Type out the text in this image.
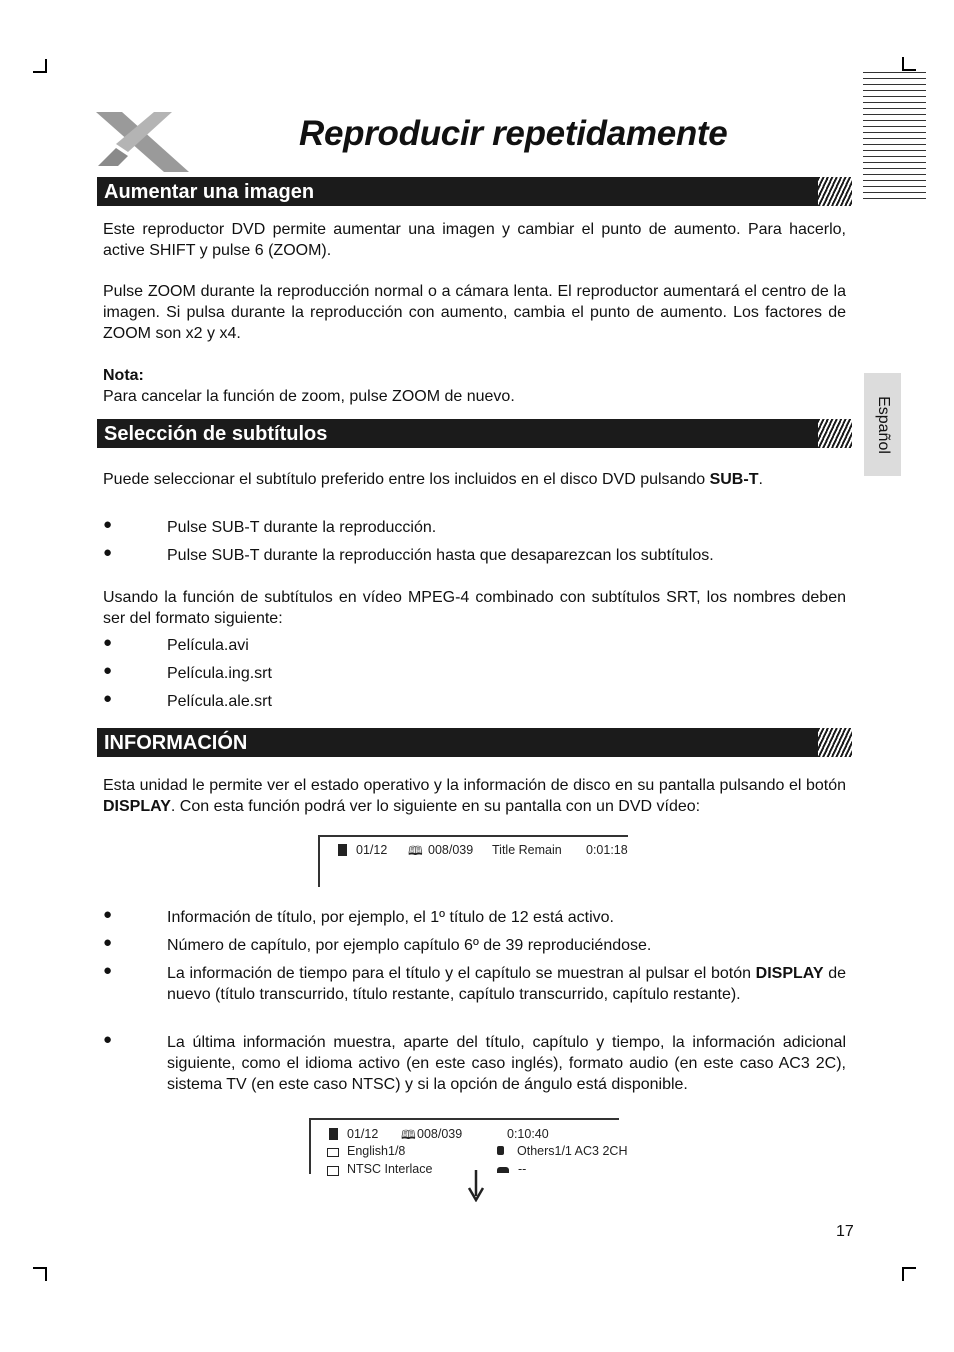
Reproducir repetidamente
Español
Aumentar una imagen
Este reproductor DVD permite aumentar una imagen y cambiar el punto de aumento. Para hacerlo, active SHIFT y pulse 6 (ZOOM).
Pulse ZOOM durante la reproducción normal o a cámara lenta. El reproductor aumentará el centro de la imagen. Si pulsa durante la reproducción con aumento, cambia el punto de aumento. Los factores de ZOOM son x2 y x4.
Nota:
Para cancelar la función de zoom, pulse ZOOM de nuevo.
Selección de subtítulos
Puede seleccionar el subtítulo preferido entre los incluidos en el disco DVD pulsando SUB-T.
●	Pulse SUB-T durante la reproducción.
●	Pulse SUB-T durante la reproducción hasta que desaparezcan los subtítulos.
Usando la función de subtítulos en vídeo MPEG-4 combinado con subtítulos SRT, los nombres deben ser del formato siguiente:
●	Película.avi
●	Película.ing.srt
●	Película.ale.srt
INFORMACIÓN
Esta unidad le permite ver el estado operativo y la información de disco en su pantalla pulsando el botón DISPLAY. Con esta función podrá ver lo siguiente en su pantalla con un DVD vídeo:
01/12 🕮 008/039 Title Remain 0:01:18
●	Información de título, por ejemplo, el 1º título de 12 está activo.
●	Número de capítulo, por ejemplo capítulo 6º de 39 reproduciéndose.
●	La información de tiempo para el título y el capítulo se muestran al pulsar el botón DISPLAY de nuevo (título transcurrido, título restante, capítulo transcurrido, capítulo restante).
●	La última información muestra, aparte del título, capítulo y tiempo, la información adicional siguiente, como el idioma activo (en este caso inglés), formato audio (en este caso AC3 2C), sistema TV (en este caso NTSC) y si la opción de ángulo está disponible.
01/12 🕮 008/039	0:10:40
English1/8	Others1/1 AC3 2CH
NTSC Interlace	--
17
